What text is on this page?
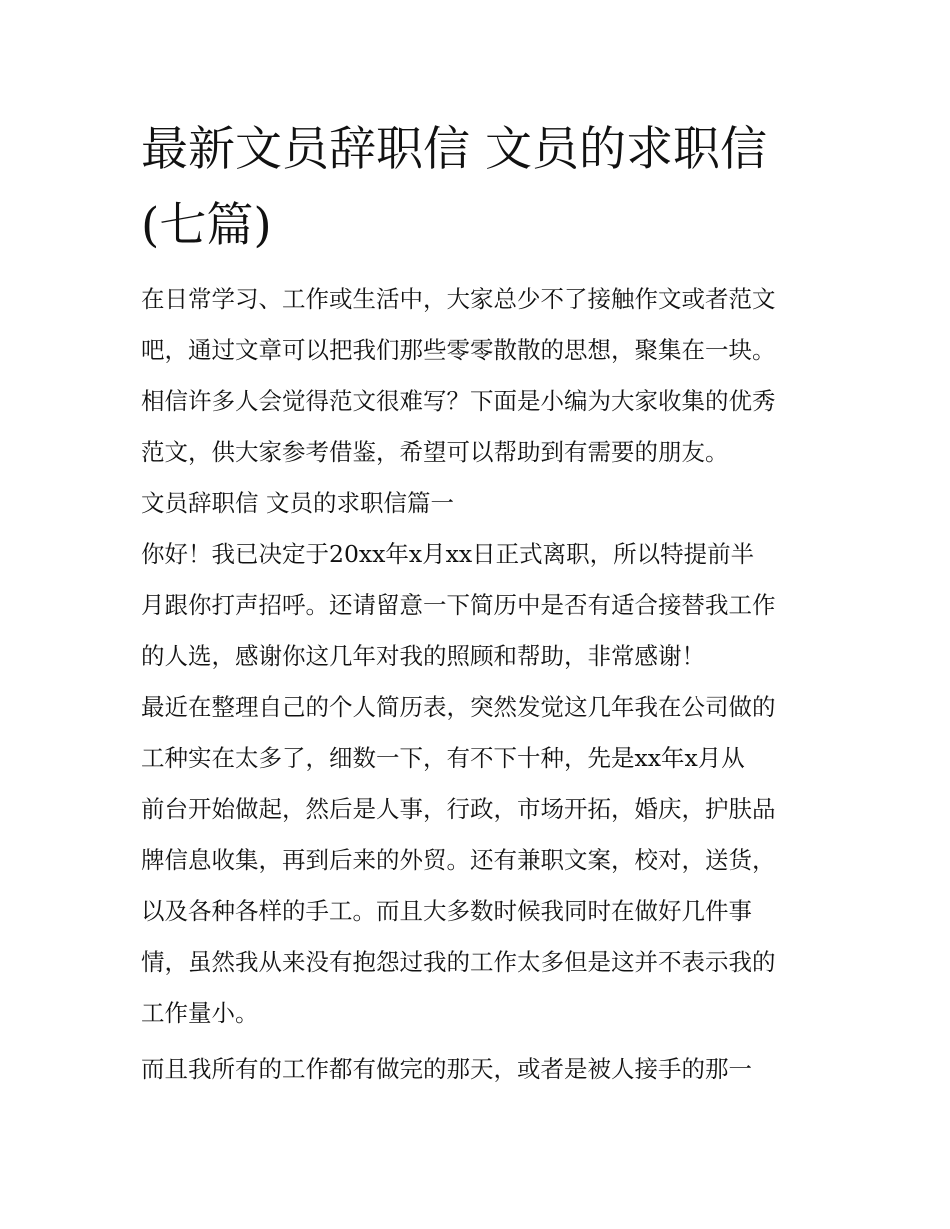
最新文员辞职信 文员的求职信
(七篇)
在日常学习、工作或生活中，大家总少不了接触作文或者范文
吧，通过文章可以把我们那些零零散散的思想，聚集在一块。
相信许多人会觉得范文很难写？下面是小编为大家收集的优秀
范文，供大家参考借鉴，希望可以帮助到有需要的朋友。
文员辞职信 文员的求职信篇一
你好！我已决定于20xx年x月xx日正式离职，所以特提前半
月跟你打声招呼。还请留意一下简历中是否有适合接替我工作
的人选，感谢你这几年对我的照顾和帮助，非常感谢！
最近在整理自己的个人简历表，突然发觉这几年我在公司做的
工种实在太多了，细数一下，有不下十种，先是xx年x月从
前台开始做起，然后是人事，行政，市场开拓，婚庆，护肤品
牌信息收集，再到后来的外贸。还有兼职文案，校对，送货，
以及各种各样的手工。而且大多数时候我同时在做好几件事
情，虽然我从来没有抱怨过我的工作太多但是这并不表示我的
工作量小。
而且我所有的工作都有做完的那天，或者是被人接手的那一
